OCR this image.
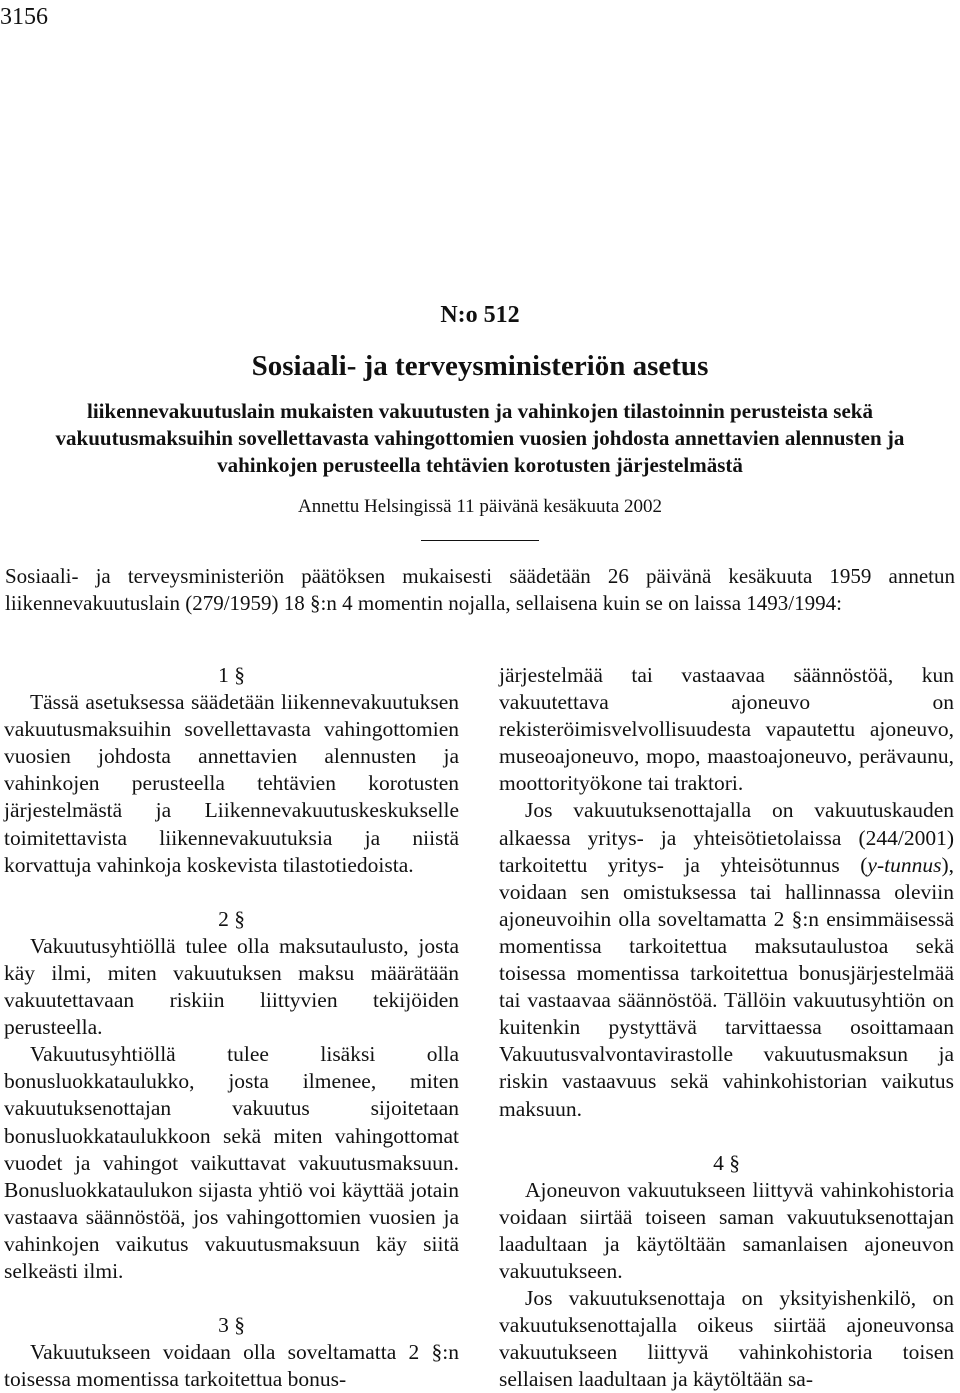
3156
N:o 512
Sosiaali- ja terveysministeriön asetus
liikennevakuutuslain mukaisten vakuutusten ja vahinkojen tilastoinnin perusteista sekä vakuutusmaksuihin sovellettavasta vahingottomien vuosien johdosta annettavien alennusten ja vahinkojen perusteella tehtävien korotusten järjestelmästä
Annettu Helsingissä 11 päivänä kesäkuuta 2002
Sosiaali- ja terveysministeriön päätöksen mukaisesti säädetään 26 päivänä kesäkuuta 1959 annetun liikennevakuutuslain (279/1959) 18 §:n 4 momentin nojalla, sellaisena kuin se on laissa 1493/1994:
1 §

Tässä asetuksessa säädetään liikennevakuutuksen vakuutusmaksuihin sovellettavasta vahingottomien vuosien johdosta annettavien alennusten ja vahinkojen perusteella tehtävien korotusten järjestelmästä ja Liikennevakuutuskeskukselle toimitettavista liikennevakuutuksia ja niistä korvattuja vahinkoja koskevista tilastotiedoista.

2 §

Vakuutusyhtiöllä tulee olla maksutaulusto, josta käy ilmi, miten vakuutuksen maksu määrätään vakuutettavaan riskiin liittyvien tekijöiden perusteella.

Vakuutusyhtiöllä tulee lisäksi olla bonusluokkataulukko, josta ilmenee, miten vakuutuksenottajan vakuutus sijoitetaan bonusluokkataulukkoon sekä miten vahingottomat vuodet ja vahingot vaikuttavat vakuutusmaksuun. Bonusluokkataulukon sijasta yhtiö voi käyttää jotain vastaava säännöstöä, jos vahingottomien vuosien ja vahinkojen vaikutus vakuutusmaksuun käy siitä selkeästi ilmi.

3 §

Vakuutukseen voidaan olla soveltamatta 2 §:n toisessa momentissa tarkoitettua bonus-

järjestelmää tai vastaavaa säännöstöä, kun vakuutettava ajoneuvo on rekisteröimisvelvollisuudesta vapautettu ajoneuvo, museoajoneuvo, mopo, maastoajoneuvo, perävaunu, moottorityökone tai traktori.

Jos vakuutuksenottajalla on vakuutuskauden alkaessa yritys- ja yhteisötietolaissa (244/2001) tarkoitettu yritys- ja yhteisötunnus (y-tunnus), voidaan sen omistuksessa tai hallinnassa oleviin ajoneuvoihin olla soveltamatta 2 §:n ensimmäisessä momentissa tarkoitettua maksutaulustoa sekä toisessa momentissa tarkoitettua bonusjärjestelmää tai vastaavaa säännöstöä. Tällöin vakuutusyhtiön on kuitenkin pystyttävä tarvittaessa osoittamaan Vakuutusvalvontavirastolle vakuutusmaksun ja riskin vastaavuus sekä vahinkohistorian vaikutus maksuun.

4 §

Ajoneuvon vakuutukseen liittyvä vahinkohistoria voidaan siirtää toiseen saman vakuutuksenottajan laadultaan ja käytöltään samanlaisen ajoneuvon vakuutukseen.

Jos vakuutuksenottaja on yksityishenkilö, on vakuutuksenottajalla oikeus siirtää ajoneuvonsa vakuutukseen liittyvä vahinkohistoria toisen sellaisen laadultaan ja käytöltään sa-
